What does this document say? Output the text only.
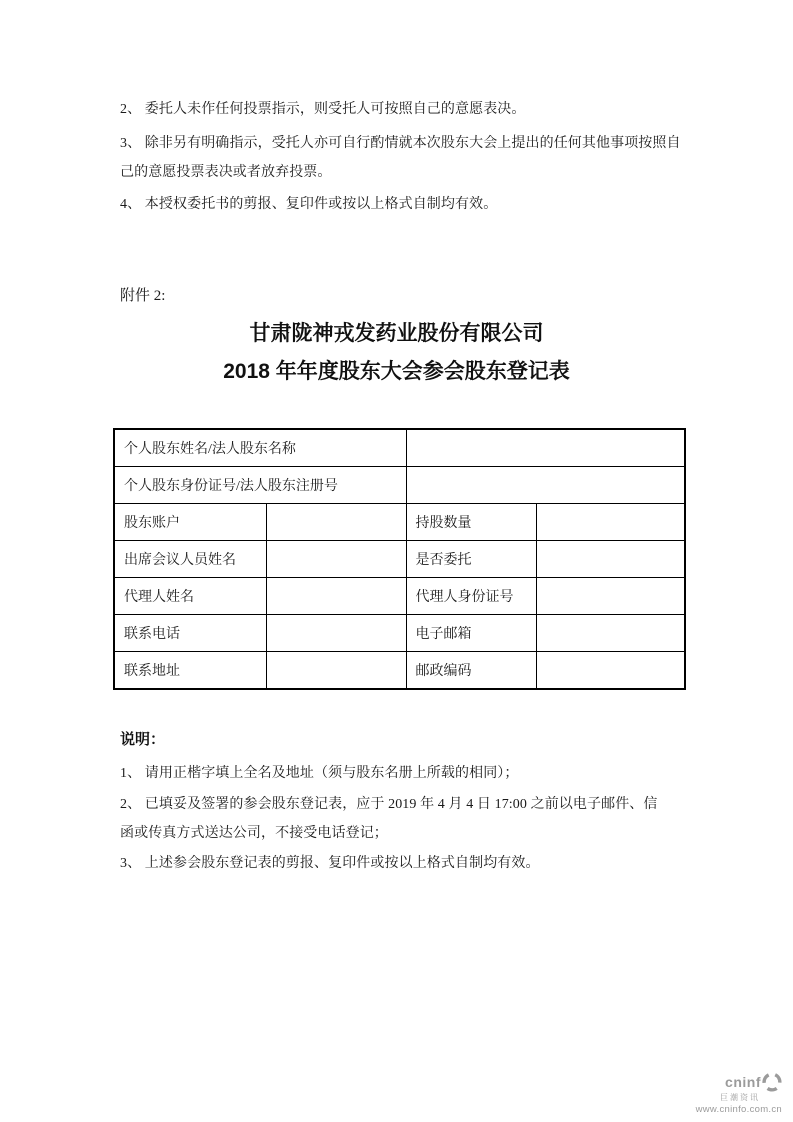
2、 委托人未作任何投票指示，则受托人可按照自己的意愿表决。
3、 除非另有明确指示，受托人亦可自行酌情就本次股东大会上提出的任何其他事项按照自
己的意愿投票表决或者放弃投票。
4、 本授权委托书的剪报、复印件或按以上格式自制均有效。
附件 2:
甘肃陇神戎发药业股份有限公司
2018 年年度股东大会参会股东登记表
个人股东姓名/法人股东名称			
个人股东身份证号/法人股东注册号			
股东账户		持股数量	
出席会议人员姓名		是否委托	
代理人姓名		代理人身份证号	
联系电话		电子邮箱	
联系地址		邮政编码	
说明：
1、 请用正楷字填上全名及地址（须与股东名册上所载的相同）；
2、 已填妥及签署的参会股东登记表，应于 2019 年 4 月 4 日 17:00 之前以电子邮件、信
函或传真方式送达公司，不接受电话登记；
3、 上述参会股东登记表的剪报、复印件或按以上格式自制均有效。
cninf
巨潮资讯
www.cninfo.com.cn
